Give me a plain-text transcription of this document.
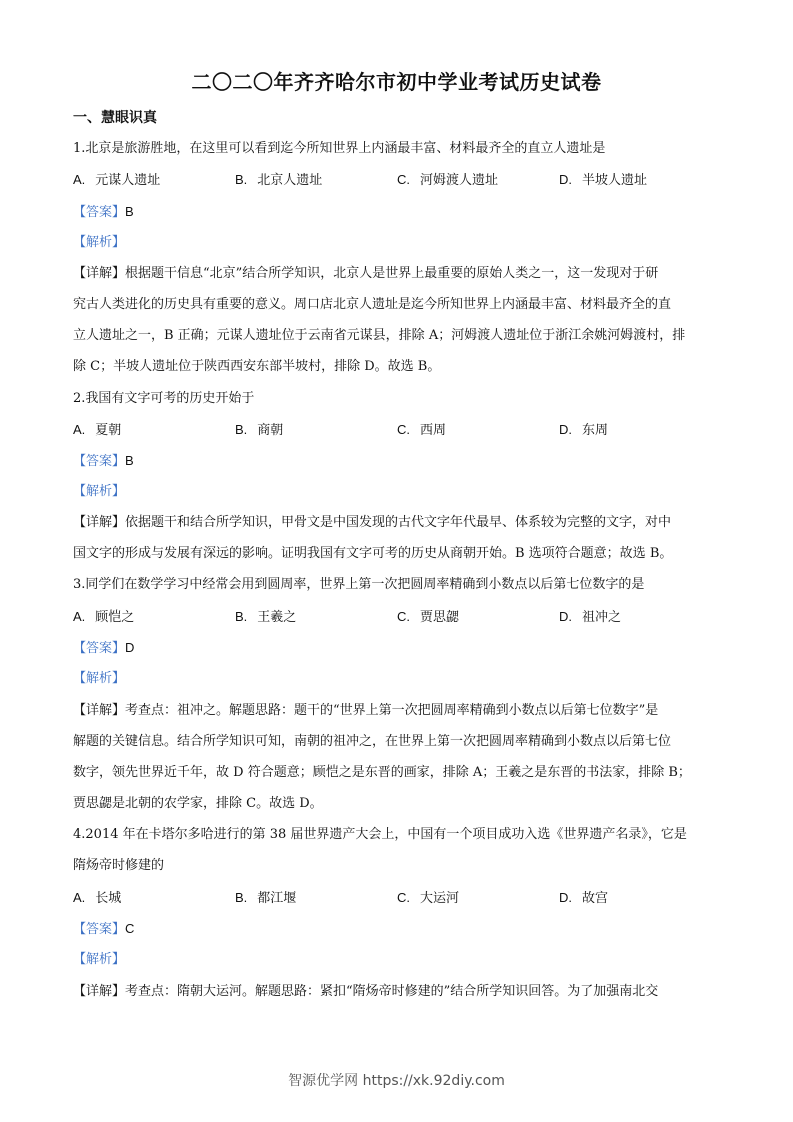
二〇二〇年齐齐哈尔市初中学业考试历史试卷
一、慧眼识真
1.北京是旅游胜地，在这里可以看到迄今所知世界上内涵最丰富、材料最齐全的直立人遗址是
A. 元谋人遗址	B. 北京人遗址	C. 河姆渡人遗址	D. 半坡人遗址
【答案】B
【解析】
【详解】根据题干信息“北京”结合所学知识，北京人是世界上最重要的原始人类之一，这一发现对于研
究古人类进化的历史具有重要的意义。周口店北京人遗址是迄今所知世界上内涵最丰富、材料最齐全的直
立人遗址之一，B 正确；元谋人遗址位于云南省元谋县，排除 A；河姆渡人遗址位于浙江余姚河姆渡村，排
除 C；半坡人遗址位于陕西西安东部半坡村，排除 D。故选 B。
2.我国有文字可考的历史开始于
A. 夏朝	B. 商朝	C. 西周	D. 东周
【答案】B
【解析】
【详解】依据题干和结合所学知识，甲骨文是中国发现的古代文字年代最早、体系较为完整的文字，对中
国文字的形成与发展有深远的影响。证明我国有文字可考的历史从商朝开始。B 选项符合题意；故选 B。
3.同学们在数学学习中经常会用到圆周率，世界上第一次把圆周率精确到小数点以后第七位数字的是
A. 顾恺之	B. 王羲之	C. 贾思勰	D. 祖冲之
【答案】D
【解析】
【详解】考查点：祖冲之。解题思路：题干的“世界上第一次把圆周率精确到小数点以后第七位数字”是
解题的关键信息。结合所学知识可知，南朝的祖冲之，在世界上第一次把圆周率精确到小数点以后第七位
数字，领先世界近千年，故 D 符合题意；顾恺之是东晋的画家，排除 A；王羲之是东晋的书法家，排除 B；
贾思勰是北朝的农学家，排除 C。故选 D。
4.2014 年在卡塔尔多哈进行的第 38 届世界遗产大会上，中国有一个项目成功入选《世界遗产名录》，它是
隋炀帝时修建的
A. 长城	B. 都江堰	C. 大运河	D. 故宫
【答案】C
【解析】
【详解】考查点：隋朝大运河。解题思路：紧扣“隋炀帝时修建的”结合所学知识回答。为了加强南北交
智源优学网 https://xk.92diy.com
